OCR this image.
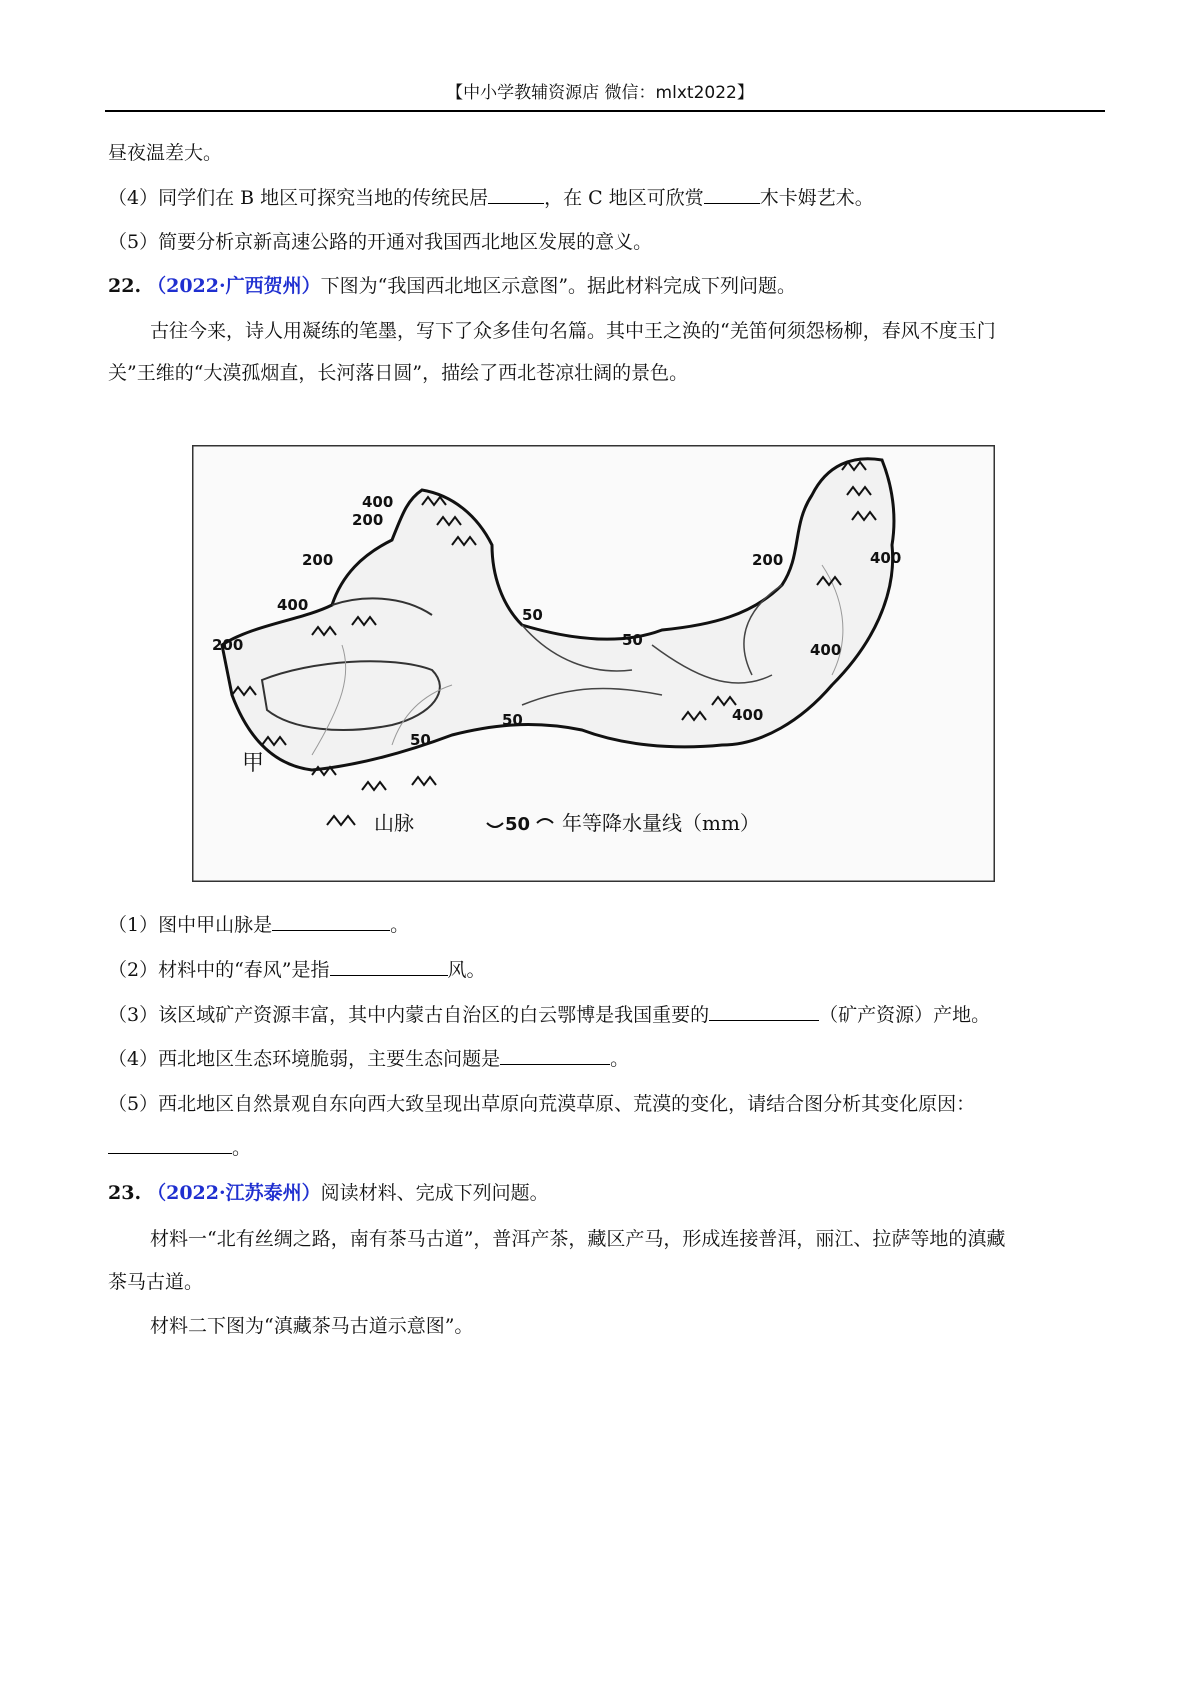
【中小学教辅资源店 微信：mlxt2022】
昼夜温差大。
（4）同学们在 B 地区可探究当地的传统民居	，在 C 地区可欣赏	木卡姆艺术。
（5）简要分析京新高速公路的开通对我国西北地区发展的意义。
22. （2022·广西贺州）下图为“我国西北地区示意图”。据此材料完成下列问题。
古往今来，诗人用凝练的笔墨，写下了众多佳句名篇。其中王之涣的“羌笛何须怨杨柳，春风不度玉门
关”王维的“大漠孤烟直，长河落日圆”，描绘了西北苍凉壮阔的景色。
400
200
200
400
200
50
50
50
50
200	400
400
400
甲
山脉	50 年等降水量线（mm）
（1）图中甲山脉是	。
（2）材料中的“春风”是指	风。
（3）该区域矿产资源丰富，其中内蒙古自治区的白云鄂博是我国重要的	（矿产资源）产地。
（4）西北地区生态环境脆弱，主要生态问题是	。
（5）西北地区自然景观自东向西大致呈现出草原向荒漠草原、荒漠的变化，请结合图分析其变化原因：
。
23. （2022·江苏泰州）阅读材料、完成下列问题。
材料一“北有丝绸之路，南有茶马古道”，普洱产茶，藏区产马，形成连接普洱，丽江、拉萨等地的滇藏
茶马古道。
材料二下图为“滇藏茶马古道示意图”。
